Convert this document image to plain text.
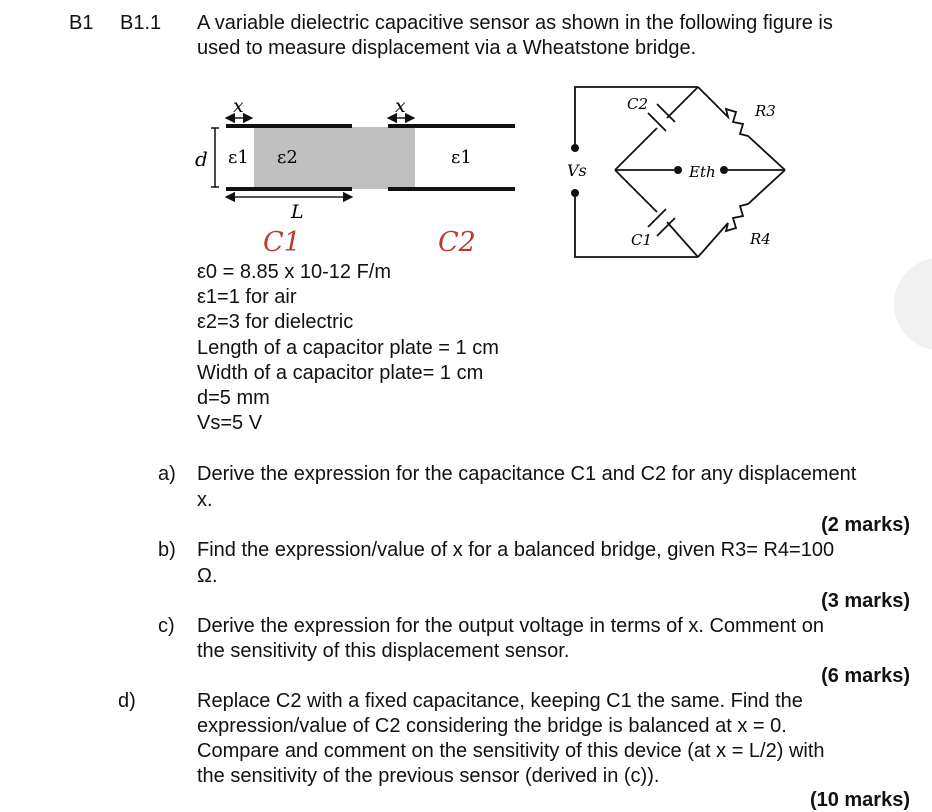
B1 B1.1 A variable dielectric capacitive sensor as shown in the following figure is
used to measure displacement via a Wheatstone bridge.
x	x
d ε1 ε2	ε1
L
C1	C2
Vs
C2	R3
Eth
C1	R4
ε0 = 8.85 x 10-12 F/m
ε1=1 for air
ε2=3 for dielectric
Length of a capacitor plate = 1 cm
Width of a capacitor plate= 1 cm
d=5 mm
Vs=5 V
a) Derive the expression for the capacitance C1 and C2 for any displacement
x.
(2 marks)
b) Find the expression/value of x for a balanced bridge, given R3= R4=100
Ω.
(3 marks)
c) Derive the expression for the output voltage in terms of x. Comment on
the sensitivity of this displacement sensor.
(6 marks)
d)	Replace C2 with a fixed capacitance, keeping C1 the same. Find the
expression/value of C2 considering the bridge is balanced at x = 0.
Compare and comment on the sensitivity of this device (at x = L/2) with
the sensitivity of the previous sensor (derived in (c)).
(10 marks)
